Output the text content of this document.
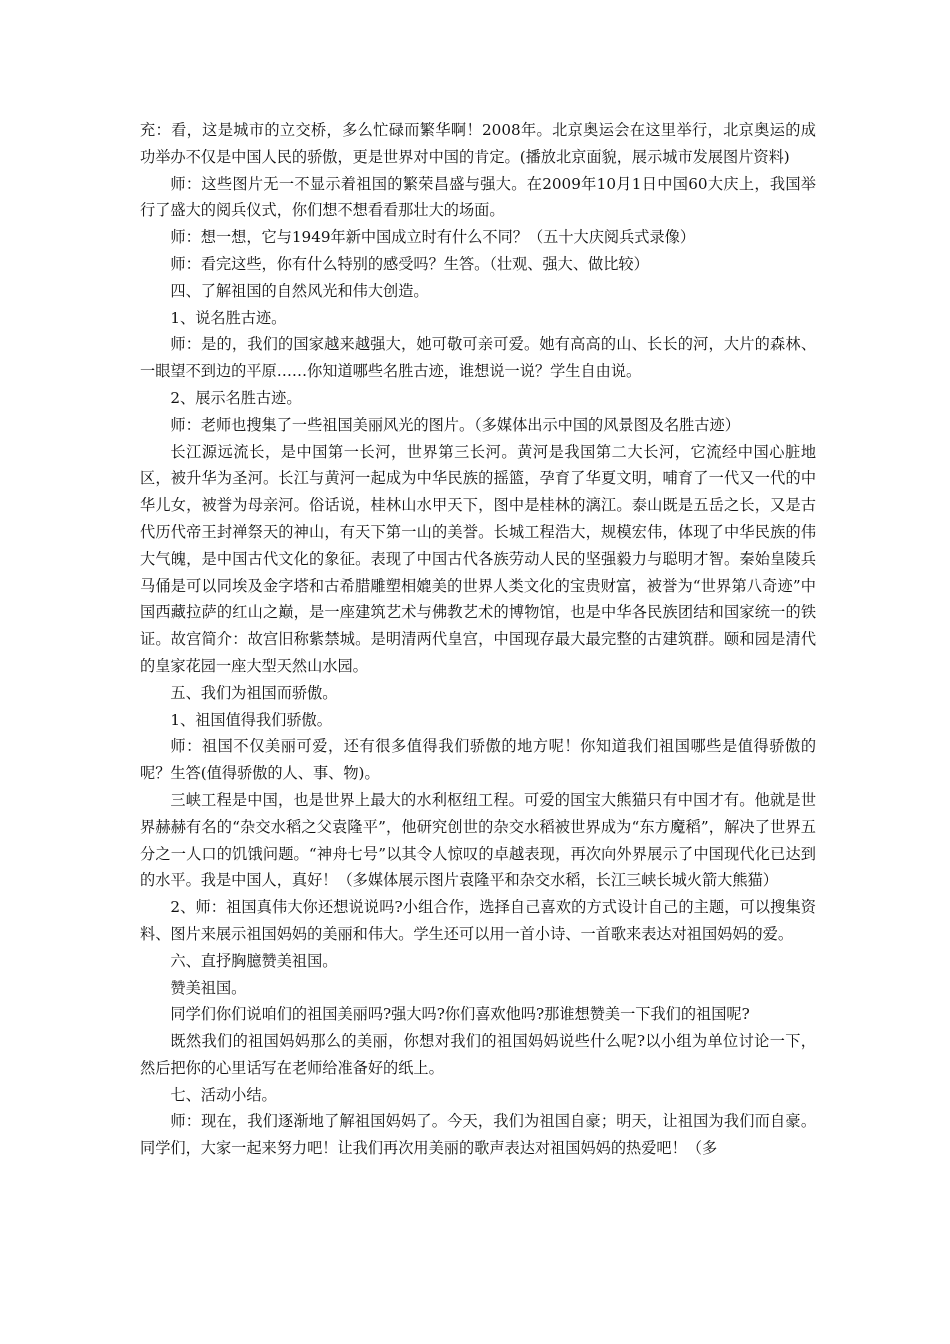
充：看，这是城市的立交桥，多么忙碌而繁华啊！2008年。北京奥运会在这里举行，北京奥运的成功举办不仅是中国人民的骄傲，更是世界对中国的肯定。(播放北京面貌，展示城市发展图片资料)

师：这些图片无一不显示着祖国的繁荣昌盛与强大。在2009年10月1日中国60大庆上，我国举行了盛大的阅兵仪式，你们想不想看看那壮大的场面。

师：想一想，它与1949年新中国成立时有什么不同？（五十大庆阅兵式录像）

师：看完这些，你有什么特别的感受吗？生答。（壮观、强大、做比较）

四、了解祖国的自然风光和伟大创造。

1、说名胜古迹。

师：是的，我们的国家越来越强大，她可敬可亲可爱。她有高高的山、长长的河，大片的森林、一眼望不到边的平原……你知道哪些名胜古迹，谁想说一说？学生自由说。

2、展示名胜古迹。

师：老师也搜集了一些祖国美丽风光的图片。（多媒体出示中国的风景图及名胜古迹）

长江源远流长，是中国第一长河，世界第三长河。黄河是我国第二大长河，它流经中国心脏地区，被升华为圣河。长江与黄河一起成为中华民族的摇篮，孕育了华夏文明，哺育了一代又一代的中华儿女，被誉为母亲河。俗话说，桂林山水甲天下，图中是桂林的漓江。泰山既是五岳之长，又是古代历代帝王封禅祭天的神山，有天下第一山的美誉。长城工程浩大，规模宏伟，体现了中华民族的伟大气魄，是中国古代文化的象征。表现了中国古代各族劳动人民的坚强毅力与聪明才智。秦始皇陵兵马俑是可以同埃及金字塔和古希腊雕塑相媲美的世界人类文化的宝贵财富，被誉为“世界第八奇迹”中国西藏拉萨的红山之巅，是一座建筑艺术与佛教艺术的博物馆，也是中华各民族团结和国家统一的铁证。故宫简介：故宫旧称紫禁城。是明清两代皇宫，中国现存最大最完整的古建筑群。颐和园是清代的皇家花园一座大型天然山水园。

五、我们为祖国而骄傲。

1、祖国值得我们骄傲。

师：祖国不仅美丽可爱，还有很多值得我们骄傲的地方呢！你知道我们祖国哪些是值得骄傲的呢？生答(值得骄傲的人、事、物)。

三峡工程是中国，也是世界上最大的水利枢纽工程。可爱的国宝大熊猫只有中国才有。他就是世界赫赫有名的“杂交水稻之父袁隆平”，他研究创世的杂交水稻被世界成为“东方魔稻”，解决了世界五分之一人口的饥饿问题。“神舟七号”以其令人惊叹的卓越表现，再次向外界展示了中国现代化已达到的水平。我是中国人，真好！（多媒体展示图片袁隆平和杂交水稻，长江三峡长城火箭大熊猫）

2、师：祖国真伟大你还想说说吗?小组合作，选择自己喜欢的方式设计自己的主题，可以搜集资料、图片来展示祖国妈妈的美丽和伟大。学生还可以用一首小诗、一首歌来表达对祖国妈妈的爱。

六、直抒胸臆赞美祖国。

赞美祖国。

同学们你们说咱们的祖国美丽吗?强大吗?你们喜欢他吗?那谁想赞美一下我们的祖国呢?

既然我们的祖国妈妈那么的美丽，你想对我们的祖国妈妈说些什么呢?以小组为单位讨论一下，然后把你的心里话写在老师给准备好的纸上。

七、活动小结。

师：现在，我们逐渐地了解祖国妈妈了。今天，我们为祖国自豪；明天，让祖国为我们而自豪。同学们，大家一起来努力吧！让我们再次用美丽的歌声表达对祖国妈妈的热爱吧！（多
